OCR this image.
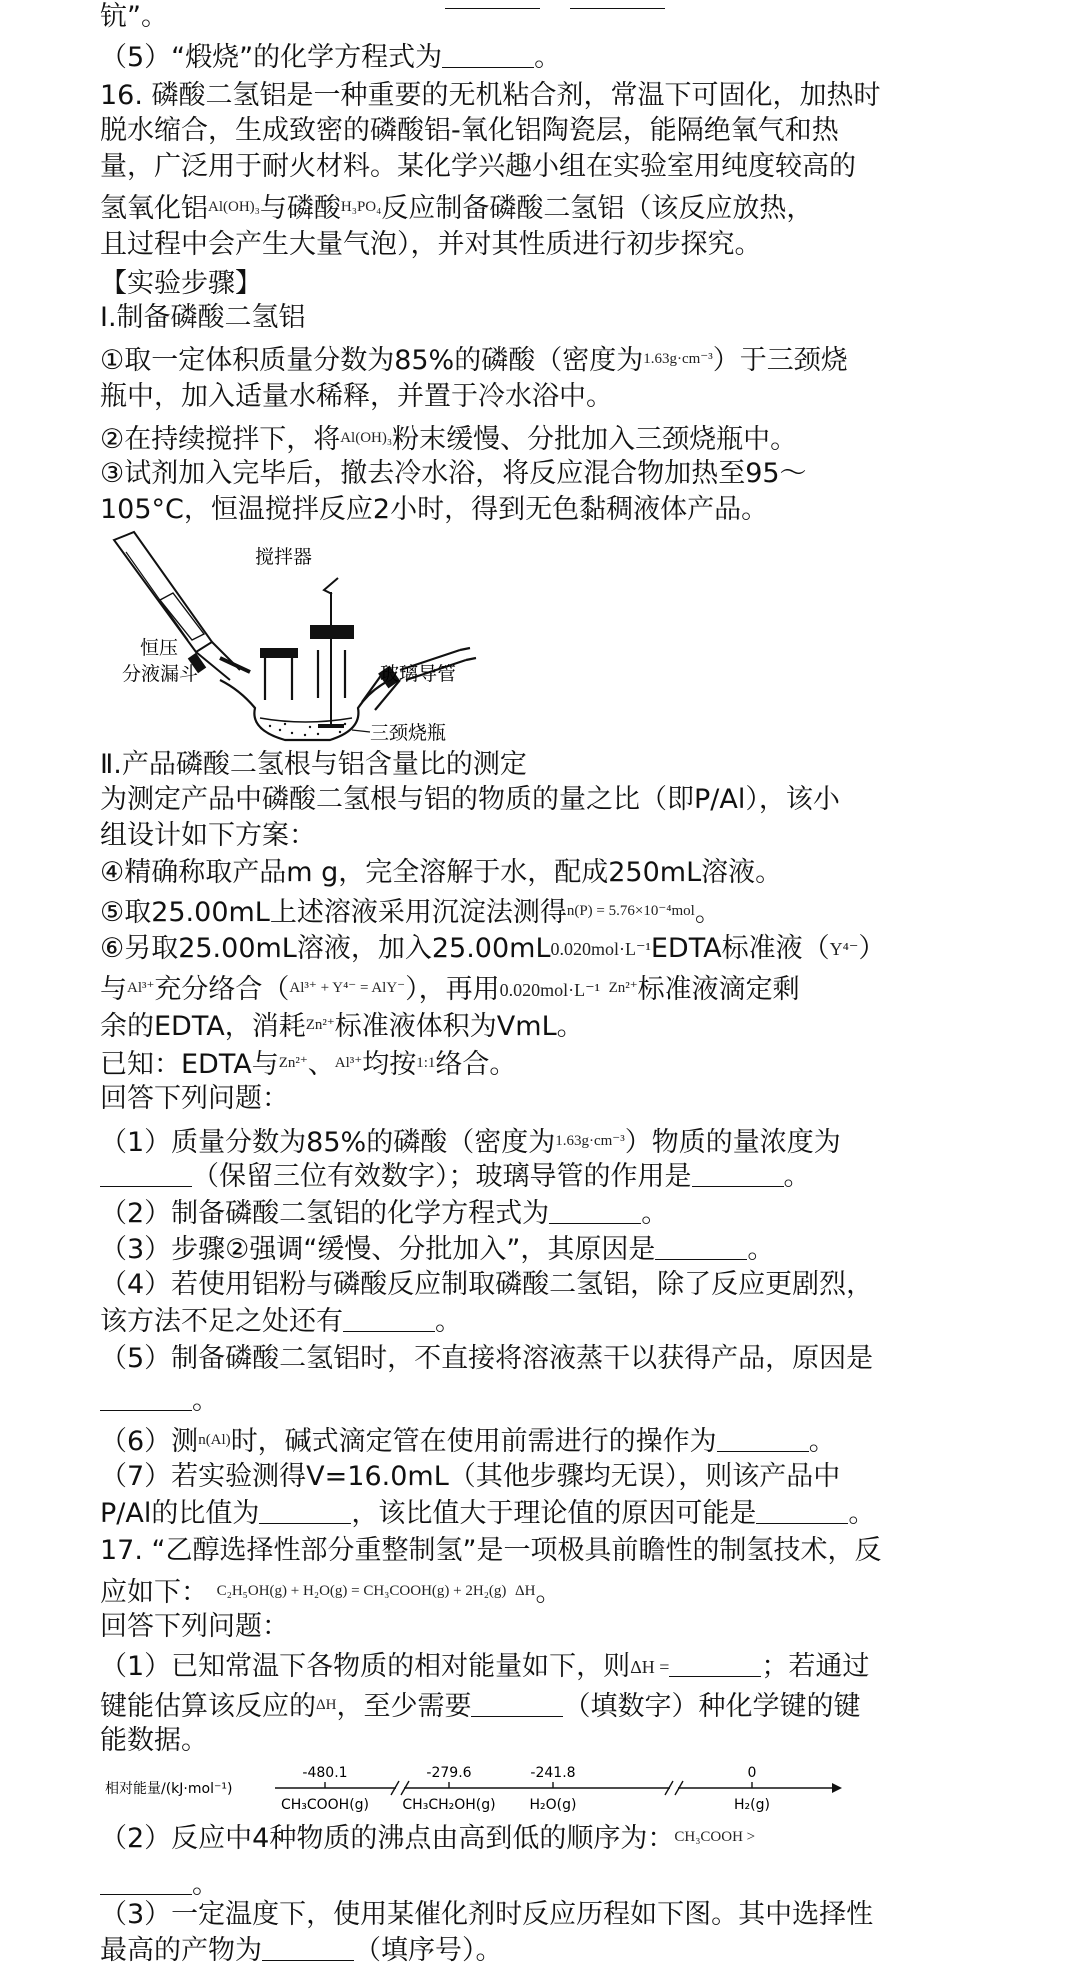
钪”。
（5）“煅烧”的化学方程式为	。
16. 磷酸二氢铝是一种重要的无机粘合剂，常温下可固化，加热时
脱水缩合，生成致密的磷酸铝-氧化铝陶瓷层，能隔绝氧气和热
量，广泛用于耐火材料。某化学兴趣小组在实验室用纯度较高的
氢氧化铝$^{Al(OH)_3}$与磷酸$^{H_3PO_4}$反应制备磷酸二氢铝（该反应放热，
且过程中会产生大量气泡），并对其性质进行初步探究。
【实验步骤】
Ⅰ.制备磷酸二氢铝
①取一定体积质量分数为85%的磷酸（密度为$^{1.63g\cdot cm^{-3}}$）于三颈烧
瓶中，加入适量水稀释，并置于冷水浴中。
②在持续搅拌下，将$^{Al(OH)_3}$粉末缓慢、分批加入三颈烧瓶中。
③试剂加入完毕后，撤去冷水浴，将反应混合物加热至95～
105°C，恒温搅拌反应2小时，得到无色黏稠液体产品。
搅拌器
恒压
分液漏斗	玻璃导管
三颈烧瓶
Ⅱ.产品磷酸二氢根与铝含量比的测定
为测定产品中磷酸二氢根与铝的物质的量之比（即P/Al），该小
组设计如下方案：
④精确称取产品m g，完全溶解于水，配成250mL溶液。
⑤取25.00mL上述溶液采用沉淀法测得$^{n(P) = 5.76\times 10^{-4}mol}$。
⑥另取25.00mL溶液，加入25.00mL0.020mol·L⁻¹EDTA标准液（Y⁴⁻）
与$^{Al^{3+}}$充分络合（$^{Al^{3+} + Y^{4-} = AlY^-}$），再用0.020mol·L⁻¹ $^{Zn^{2+}}$标准液滴定剩
余的EDTA，消耗$^{Zn^{2+}}$标准液体积为VmL。
已知：EDTA与$^{Zn^{2+}}$、$^{Al^{3+}}$均按$^{1:1}$络合。
回答下列问题：
（1）质量分数为85%的磷酸（密度为$^{1.63g\cdot cm^{-3}}$）物质的量浓度为
（保留三位有效数字）；玻璃导管的作用是	。
（2）制备磷酸二氢铝的化学方程式为	。
（3）步骤②强调“缓慢、分批加入”，其原因是	。
（4）若使用铝粉与磷酸反应制取磷酸二氢铝，除了反应更剧烈，
该方法不足之处还有	。
（5）制备磷酸二氢铝时，不直接将溶液蒸干以获得产品，原因是
。
（6）测$^{n(Al)}$时，碱式滴定管在使用前需进行的操作为	。
（7）若实验测得V=16.0mL（其他步骤均无误），则该产品中
P/Al的比值为	，该比值大于理论值的原因可能是	。
17. “乙醇选择性部分重整制氢”是一项极具前瞻性的制氢技术，反
应如下： $^{C_2H_5OH(g) + H_2O(g) = CH_3COOH(g) + 2H_2(g)}$ $^{\Delta H}$。
回答下列问题：
（1）已知常温下各物质的相对能量如下，则ΔH =	；若通过
键能估算该反应的$^{\Delta H}$，至少需要	（填数字）种化学键的键
能数据。
相对能量/(kJ·mol⁻¹)
-480.1
CH₃COOH(g)
-279.6
CH₃CH₂OH(g)
-241.8
H₂O(g)
0
H₂(g)
（2）反应中4种物质的沸点由高到低的顺序为：$^{CH_3COOH >}$
。
（3）一定温度下，使用某催化剂时反应历程如下图。其中选择性
最高的产物为	（填序号）。
